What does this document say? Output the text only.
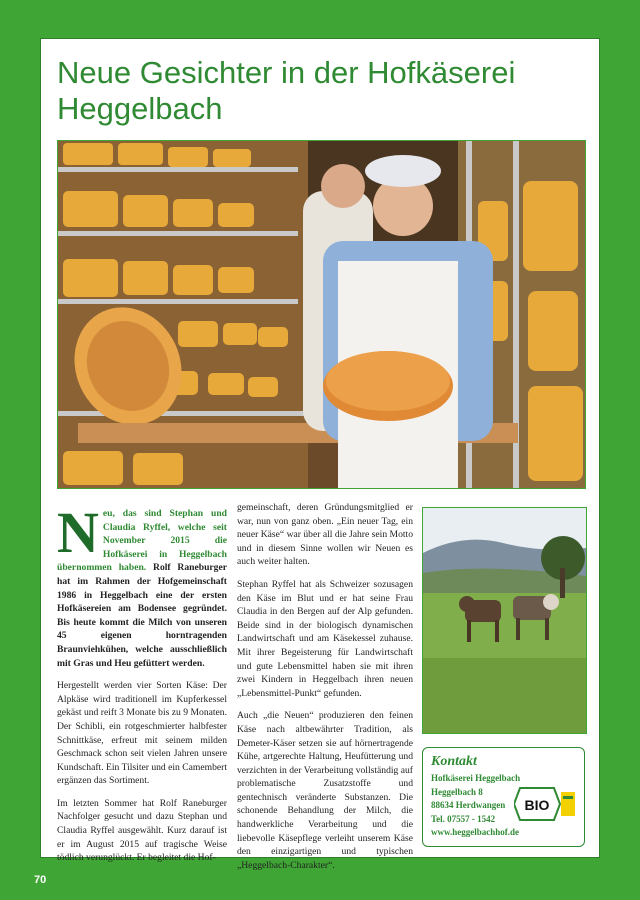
Neue Gesichter in der Hofkäserei Heggelbach

Neu, das sind Stephan und Claudia Ryffel, welche seit November 2015 die Hofkäserei in Heggelbach übernommen haben. Rolf Raneburger hat im Rahmen der Hofgemeinschaft 1986 in Heggelbach eine der ersten Hofkäsereien am Bodensee gegründet. Bis heute kommt die Milch von unseren 45 eigenen horntragenden Braunviehkühen, welche ausschließlich mit Gras und Heu gefüttert werden.

Hergestellt werden vier Sorten Käse: Der Alpkäse wird traditionell im Kupferkessel gekäst und reift 3 Monate bis zu 9 Monaten. Der Schibli, ein rotgeschmierter halbfester Schnittkäse, erfreut mit seinem milden Geschmack schon seit vielen Jahren unsere Kundschaft. Ein Tilsiter und ein Camembert ergänzen das Sortiment.

Im letzten Sommer hat Rolf Raneburger Nachfolger gesucht und dazu Stephan und Claudia Ryffel ausgewählt. Kurz darauf ist er im August 2015 auf tragische Weise tödlich verunglückt. Er begleitet die Hof-

gemeinschaft, deren Gründungsmitglied er war, nun von ganz oben. „Ein neuer Tag, ein neuer Käse“ war über all die Jahre sein Motto und in diesem Sinne wollen wir Neuen es auch weiter halten.

Stephan Ryffel hat als Schweizer sozusagen den Käse im Blut und er hat seine Frau Claudia in den Bergen auf der Alp gefunden. Beide sind in der biologisch dynamischen Landwirtschaft und am Käsekessel zuhause. Mit ihrer Begeisterung für Landwirtschaft und gute Lebensmittel haben sie mit ihren zwei Kindern in Heggelbach ihren neuen „Lebensmittel-Punkt“ gefunden.

Auch „die Neuen“ produzieren den feinen Käse nach altbewährter Tradition, als Demeter-Käser setzen sie auf hörnertragende Kühe, artgerechte Haltung, Heufütterung und verzichten in der Verarbeitung vollständig auf problematische Zusatzstoffe und gentechnisch veränderte Substanzen. Die schonende Behandlung der Milch, die handwerkliche Verarbeitung und die liebevolle Käsepflege verleiht unserem Käse den einzigartigen und typischen „Heggelbach-Charakter“.

Kontakt
Hofkäserei Heggelbach
Heggelbach 8
88634 Herdwangen
Tel. 07557 - 1542
www.heggelbachhof.de
BIO
70
